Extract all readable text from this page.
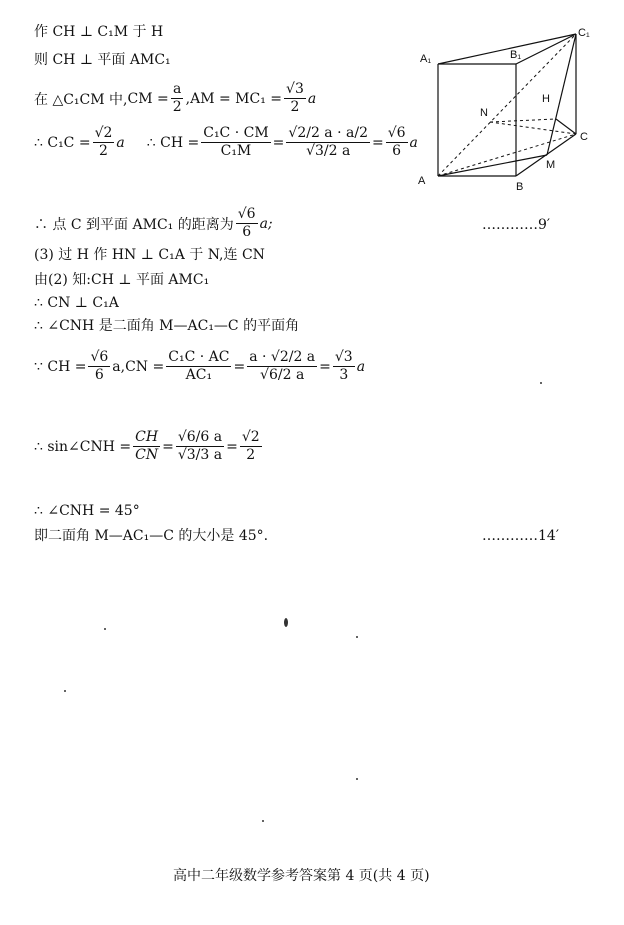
作 CH ⊥ C₁M 于 H
则 CH ⊥ 平面 AMC₁
在 △C₁CM 中, CM = $\frac{a}{2} ,AM = MC_1 = \frac{√3}{2}$ a
∴ $C_1C = \frac{√2}{2}$ a ∴ CH = $\frac{\text{C₁C · CM}}{\text{C₁M}} = \frac{√2/2 a \cdot a/2}{√3/2 a} = \frac{√6}{6}$ a
A₁	B₁
C₁
N
H
C
A	B
M
∴ 点 C 到平面 AMC₁ 的距离为 $\frac{√6}{6} a$;	…………9′
(3) 过 H 作 HN ⊥ C₁A 于 N,连 CN
由(2) 知:CH ⊥ 平面 AMC₁
∴ CN ⊥ C₁A
∴ ∠CNH 是二面角 M—AC₁—C 的平面角
∵ CH = $\frac{√6}{6} a,CN = \frac{\text{C₁C · AC}}{\text{AC₁}} = \frac{a \cdot √2/2 a}{√6/2 a} = \frac{√3}{3}$ a
∴ sin∠CNH = $\frac{CH}{CN} = \frac{√6/6 a}{√3/3 a} = \frac{√2}{2}$
∴ ∠CNH = 45°
即二面角 M—AC₁—C 的大小是 45°.	…………14′
高中二年级数学参考答案第 4 页(共 4 页)
